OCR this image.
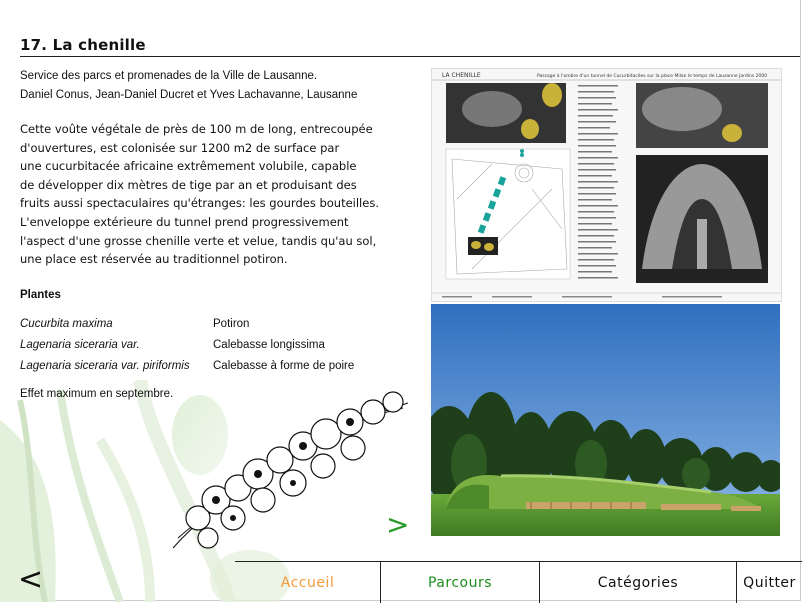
17. La chenille
Service des parcs et promenades de la Ville de Lausanne.
Daniel Conus, Jean-Daniel Ducret et Yves Lachavanne, Lausanne
Cette voûte végétale de près de 100 m de long, entrecoupée
d'ouvertures, est colonisée sur 1200 m2 de surface par
une cucurbitacée africaine extrêmement volubile, capable
de développer dix mètres de tige par an et produisant des
fruits aussi spectaculaires qu'étranges: les gourdes bouteilles.
L'enveloppe extérieure du tunnel prend progressivement
l'aspect d'une grosse chenille verte et velue, tandis qu'au sol,
une place est réservée au traditionnel potiron.
Plantes
Cucurbita maxima	Potiron
Lagenaria siceraria var.	Calebasse longissima
Lagenaria siceraria var. piriformis	Calebasse à forme de poire
Effet maximum en septembre.
LA CHENILLE	Passage à l'ombre d'un tunnel de Cucurbitacées sur la place Milan le temps de Lausanne Jardins 2000
>
<	Accueil	Parcours	Catégories	Quitter
